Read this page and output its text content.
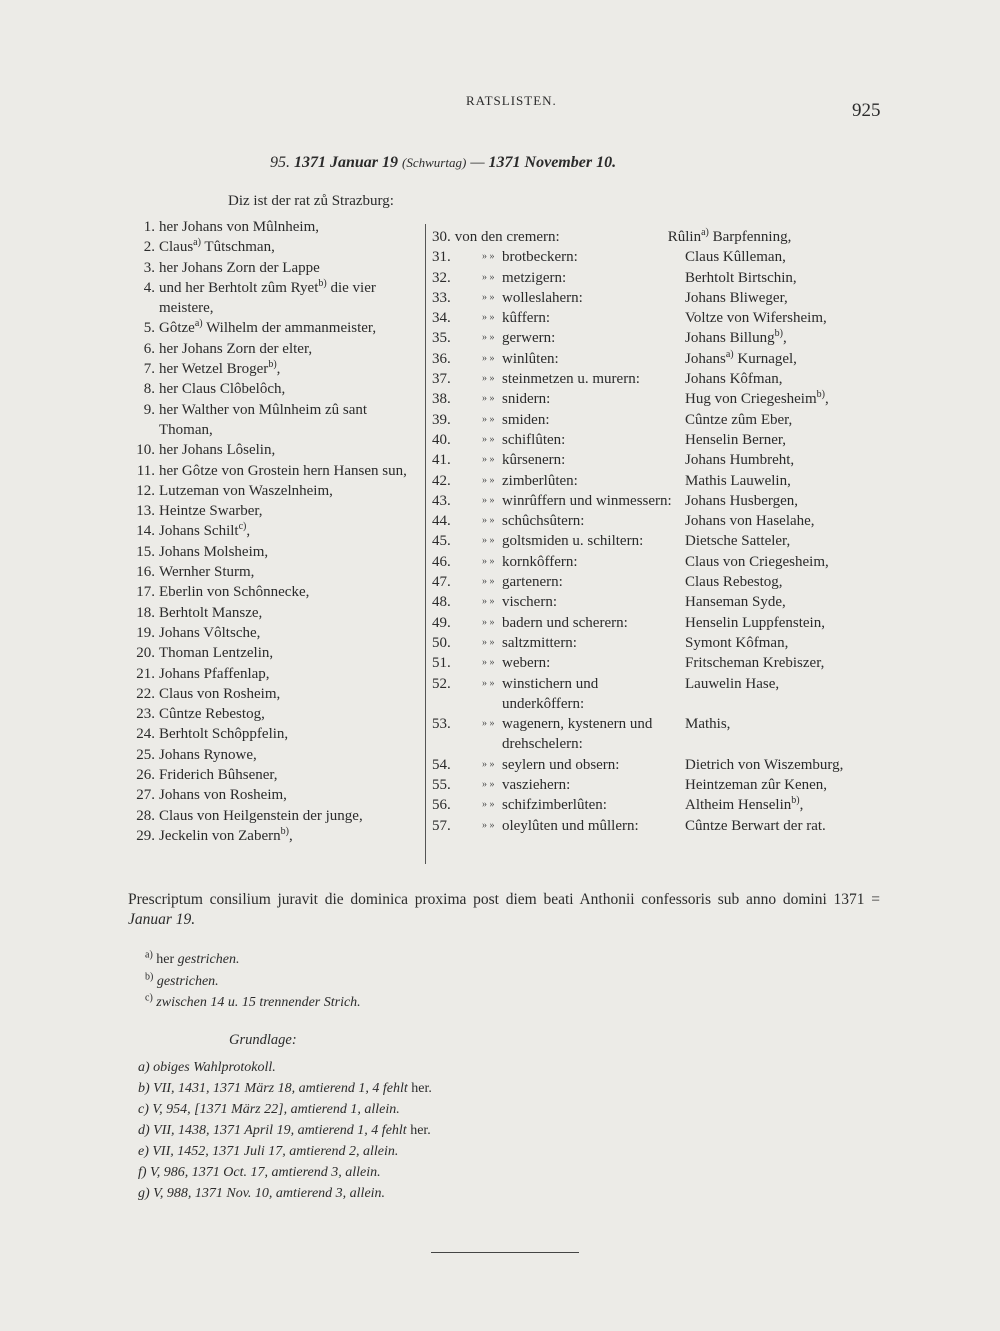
RATSLISTEN.	925
95. 1371 Januar 19 (Schwurtag) — 1371 November 10.
Diz ist der rat zů Strazburg:
1. her Johans von Mûlnheim,
2. Claus$^{a)}$ Tûtschman,
3. her Johans Zorn der Lappe
4. und her Berhtolt zûm Ryet$^{b)}$ die vier meistere,
5. Gôtze$^{a)}$ Wilhelm der ammanmeister,
6. her Johans Zorn der elter,
7. her Wetzel Broger$^{b)}$,
8. her Claus Clôbelôch,
9. her Walther von Mûlnheim zû sant Thoman,
10. her Johans Lôselin,
11. her Gôtze von Grostein hern Hansen sun,
12. Lutzeman von Waszelnheim,
13. Heintze Swarber,
14. Johans Schilt$^{c)}$,
15. Johans Molsheim,
16. Wernher Sturm,
17. Eberlin von Schônnecke,
18. Berhtolt Mansze,
19. Johans Vôltsche,
20. Thoman Lentzelin,
21. Johans Pfaffenlap,
22. Claus von Rosheim,
23. Cûntze Rebestog,
24. Berhtolt Schôppfelin,
25. Johans Rynowe,
26. Friderich Bûhsener,
27. Johans von Rosheim,
28. Claus von Heilgenstein der junge,
29. Jeckelin von Zabern$^{b)}$,
30. von den cremern:	Rûlin$^{a)}$ Barpfenning,
31.	» » brotbeckern:	Claus Kûlleman,
32.	» » metzigern:	Berhtolt Birtschin,
33.	» » wolleslahern:	Johans Bliweger,
34.	» » kûffern:	Voltze von Wifersheim,
35.	» » gerwern:	Johans Billung$^{b)}$,
36.	» » winlûten:	Johans$^{a)}$ Kurnagel,
37.	» » steinmetzen u. murern:	Johans Kôfman,
38.	» » snidern:	Hug von Criegesheim$^{b)}$,
39.	» » smiden:	Cûntze zûm Eber,
40.	» » schiflûten:	Henselin Berner,
41.	» » kûrsenern:	Johans Humbreht,
42.	» » zimberlûten:	Mathis Lauwelin,
43.	» » winrûffern und winmessern: Johans Husbergen,
44.	» » schûchsûtern:	Johans von Haselahe,
45.	» » goltsmiden u. schiltern:	Dietsche Satteler,
46.	» » kornkôffern:	Claus von Criegesheim,
47.	» » gartenern:	Claus Rebestog,
48.	» » vischern:	Hanseman Syde,
49.	» » badern und scherern:	Henselin Luppfenstein,
50.	» » saltzmittern:	Symont Kôfman,
51.	» » webern:	Fritscheman Krebiszer,
52.	» » winstichern und underkôffern:
Lauwelin Hase,
53.	» » wagenern, kystenern und drehschelern:
Mathis,
54.	» » seylern und obsern:	Dietrich von Wiszemburg,
55.	» » vasziehern:	Heintzeman zûr Kenen,
56.	» » schifzimberlûten:	Altheim Henselin$^{b)}$,
57.	» » oleylûten und mûllern:	Cûntze Berwart der rat.
Prescriptum consilium juravit die dominica proxima post diem beati Anthonii confessoris sub anno domini 1371 = Januar 19.
$^{a)}$ her gestrichen.
$^{b)}$ gestrichen.
$^{c)}$ zwischen 14 u. 15 trennender Strich.
Grundlage:
a) obiges Wahlprotokoll.
b) VII, 1431, 1371 März 18, amtierend 1, 4 fehlt her.
c) V, 954, [1371 März 22], amtierend 1, allein.
d) VII, 1438, 1371 April 19, amtierend 1, 4 fehlt her.
e) VII, 1452, 1371 Juli 17, amtierend 2, allein.
f) V, 986, 1371 Oct. 17, amtierend 3, allein.
g) V, 988, 1371 Nov. 10, amtierend 3, allein.
